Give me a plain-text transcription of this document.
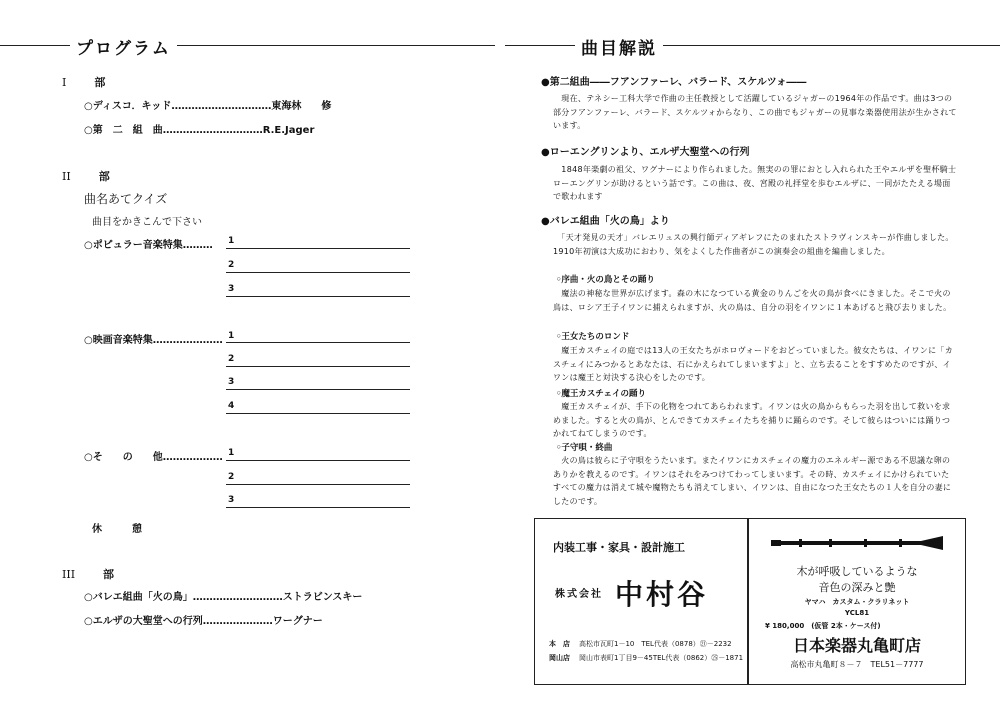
プログラム
I	部
○ディスコ．キッド…………………………東海林　　修
○第　二　組　曲…………………………R.E.Jager
II	部
曲名あてクイズ
曲目をかきこんで下さい
○ポピュラー音楽特集……… 1
2
3
○映画音楽特集………………… 1
2
3
4
○そ　　の　　他……………… 1
2
3
休　　　憩
III	部
○バレエ組曲「火の鳥」………………………ストラビンスキー
○エルザの大聖堂への行列…………………ワーグナー
曲目解説
●第二組曲――フアンファーレ、バラード、スケルツォ――
　現在、テネシー工科大学で作曲の主任教授として活躍しているジャガーの1964年の作品です。曲は3つの部分フアンファーレ、バラード、スケルツォからなり、この曲でもジャガーの見事な楽器使用法が生かされています。
●ローエングリンより、エルザ大聖堂への行列
　1848年楽劇の祖父、ワグナーにより作られました。無実のの罪におとし入れられた王やエルザを聖杯騎士ローエングリンが助けるという話です。この曲は、夜、宮殿の礼拝堂を歩むエルザに、一同がたたえる場面で歌われます
●バレエ組曲「火の鳥」より
　「天才発見の天才」バレエリュスの興行師ディアギレフにたのまれたストラヴィンスキーが作曲しました。1910年初演は大成功におわり、気をよくした作曲者がこの演奏会の組曲を編曲しました。
◦序曲・火の鳥とその踊り
　魔法の神秘な世界が広げます。森の木になつている黄金のりんごを火の鳥が食べにきました。そこで火の鳥は、ロシア王子イワンに捕えられますが、火の鳥は、自分の羽をイワンに１本あげると飛び去りました。
◦王女たちのロンド
　魔王カスチェイの庭では13人の王女たちがホロヴォードをおどっていました。彼女たちは、イワンに「カスチェイにみつかるとあなたは、石にかえられてしまいますよ」と、立ち去ることをすすめたのですが、イワンは魔王と対決する決心をしたのです。
◦魔王カスチェイの踊り
　魔王カスチェイが、手下の化物をつれてあらわれます。イワンは火の鳥からもらった羽を出して救いを求めました。すると火の鳥が、とんできてカスチェイたちを捕りに踊らのです。そして彼らはついには踊りつかれてねてしまうのです。
◦子守唄・終曲
　火の鳥は彼らに子守唄をうたいます。またイワンにカスチェイの魔力のエネルギー源である不思議な卵のありかを教えるのです。イワンはそれをみつけてわってしまいます。その時、カスチェイにかけられていたすべての魔力は消えて城や魔物たちも消えてしまい、イワンは、自由になつた王女たちの１人を自分の妻にしたのです。
内装工事・家具・設計施工
株式会社 中村谷
本　店 高松市瓦町1－10　TEL代表（0878）㉑－2232
岡山店 岡山市表町1丁目9－45TEL代表（0862）㉕－1871
木が呼吸しているような
音色の深みと艶
ヤマハ　カスタム・クラリネット
YCL81
¥ 180,000　(仮管 2本・ケース付)
日本楽器丸亀町店
高松市丸亀町８－７　TEL51－7777
